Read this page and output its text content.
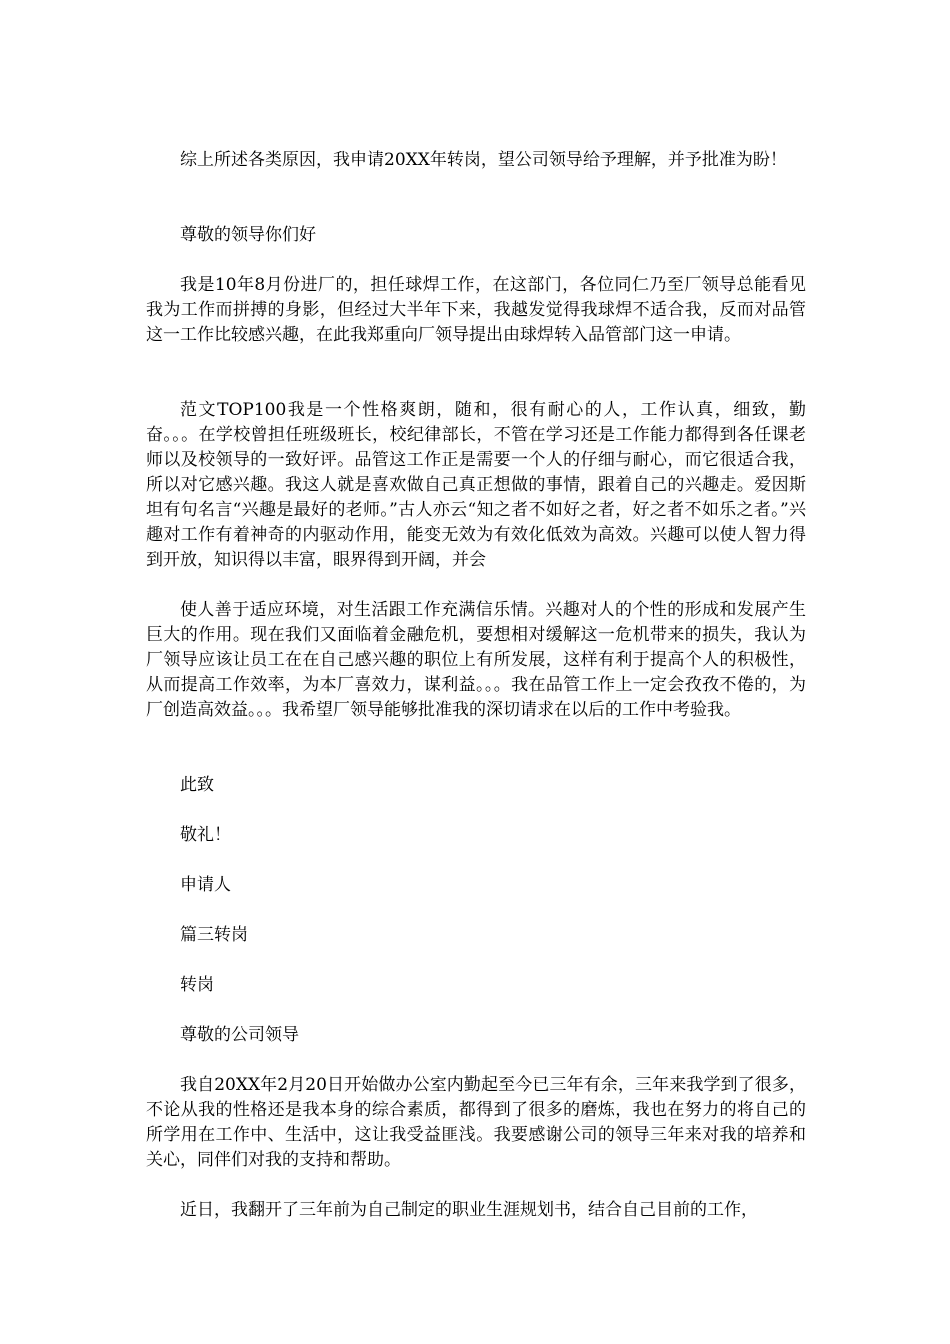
综上所述各类原因，我申请20XX年转岗，望公司领导给予理解，并予批准为盼！

尊敬的领导你们好

我是10年8月份进厂的，担任球焊工作，在这部门，各位同仁乃至厂领导总能看见我为工作而拼搏的身影，但经过大半年下来，我越发觉得我球焊不适合我，反而对品管这一工作比较感兴趣，在此我郑重向厂领导提出由球焊转入品管部门这一申请。

范文TOP100我是一个性格爽朗，随和，很有耐心的人，工作认真，细致，勤奋。。。在学校曾担任班级班长，校纪律部长，不管在学习还是工作能力都得到各任课老师以及校领导的一致好评。品管这工作正是需要一个人的仔细与耐心，而它很适合我，所以对它感兴趣。我这人就是喜欢做自己真正想做的事情，跟着自己的兴趣走。爱因斯坦有句名言“兴趣是最好的老师。”古人亦云“知之者不如好之者，好之者不如乐之者。”兴趣对工作有着神奇的内驱动作用，能变无效为有效化低效为高效。兴趣可以使人智力得到开放，知识得以丰富，眼界得到开阔，并会

使人善于适应环境，对生活跟工作充满信乐情。兴趣对人的个性的形成和发展产生巨大的作用。现在我们又面临着金融危机，要想相对缓解这一危机带来的损失，我认为厂领导应该让员工在在自己感兴趣的职位上有所发展，这样有利于提高个人的积极性，从而提高工作效率，为本厂喜效力，谋利益。。。我在品管工作上一定会孜孜不倦的，为厂创造高效益。。。我希望厂领导能够批准我的深切请求在以后的工作中考验我。

此致

敬礼！

申请人

篇三转岗

转岗

尊敬的公司领导

我自20XX年2月20日开始做办公室内勤起至今已三年有余，三年来我学到了很多，不论从我的性格还是我本身的综合素质，都得到了很多的磨炼，我也在努力的将自己的所学用在工作中、生活中，这让我受益匪浅。我要感谢公司的领导三年来对我的培养和关心，同伴们对我的支持和帮助。

近日，我翻开了三年前为自己制定的职业生涯规划书，结合自己目前的工作，
